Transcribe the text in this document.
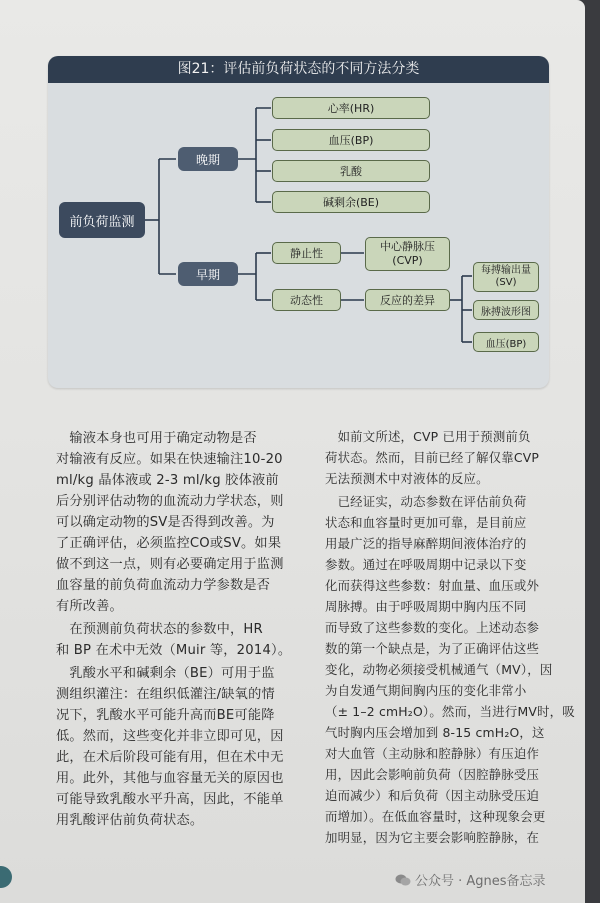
图21：评估前负荷状态的不同方法分类
前负荷监测
晚期
早期
心率(HR)
血压(BP)
乳酸
碱剩余(BE)
静止性
中心静脉压(CVP)
动态性	反应的差异
每搏输出量(SV)
脉搏波形图
血压(BP)
　输液本身也可用于确定动物是否
对输液有反应。如果在快速输注10-20
ml/kg 晶体液或 2-3 ml/kg 胶体液前
后分别评估动物的血流动力学状态，则
可以确定动物的SV是否得到改善。为
了正确评估，必须监控CO或SV。如果
做不到这一点，则有必要确定用于监测
血容量的前负荷血流动力学参数是否
有所改善。
　在预测前负荷状态的参数中，HR
和 BP 在术中无效（Muir 等，2014）。
　乳酸水平和碱剩余（BE）可用于监
测组织灌注：在组织低灌注/缺氧的情
况下，乳酸水平可能升高而BE可能降
低。然而，这些变化并非立即可见，因
此，在术后阶段可能有用，但在术中无
用。此外，其他与血容量无关的原因也
可能导致乳酸水平升高，因此，不能单
用乳酸评估前负荷状态。
　如前文所述，CVP 已用于预测前负
荷状态。然而，目前已经了解仅靠CVP
无法预测术中对液体的反应。
　已经证实，动态参数在评估前负荷
状态和血容量时更加可靠，是目前应
用最广泛的指导麻醉期间液体治疗的
参数。通过在呼吸周期中记录以下变
化而获得这些参数：射血量、血压或外
周脉搏。由于呼吸周期中胸内压不同
而导致了这些参数的变化。上述动态参
数的第一个缺点是，为了正确评估这些
变化，动物必须接受机械通气（MV），因
为自发通气期间胸内压的变化非常小
（± 1–2 cmH₂O）。然而，当进行MV时，吸
气时胸内压会增加到 8-15 cmH₂O，这
对大血管（主动脉和腔静脉）有压迫作
用，因此会影响前负荷（因腔静脉受压
迫而减少）和后负荷（因主动脉受压迫
而增加）。在低血容量时，这种现象会更
加明显，因为它主要会影响腔静脉，在
公众号 · Agnes备忘录
